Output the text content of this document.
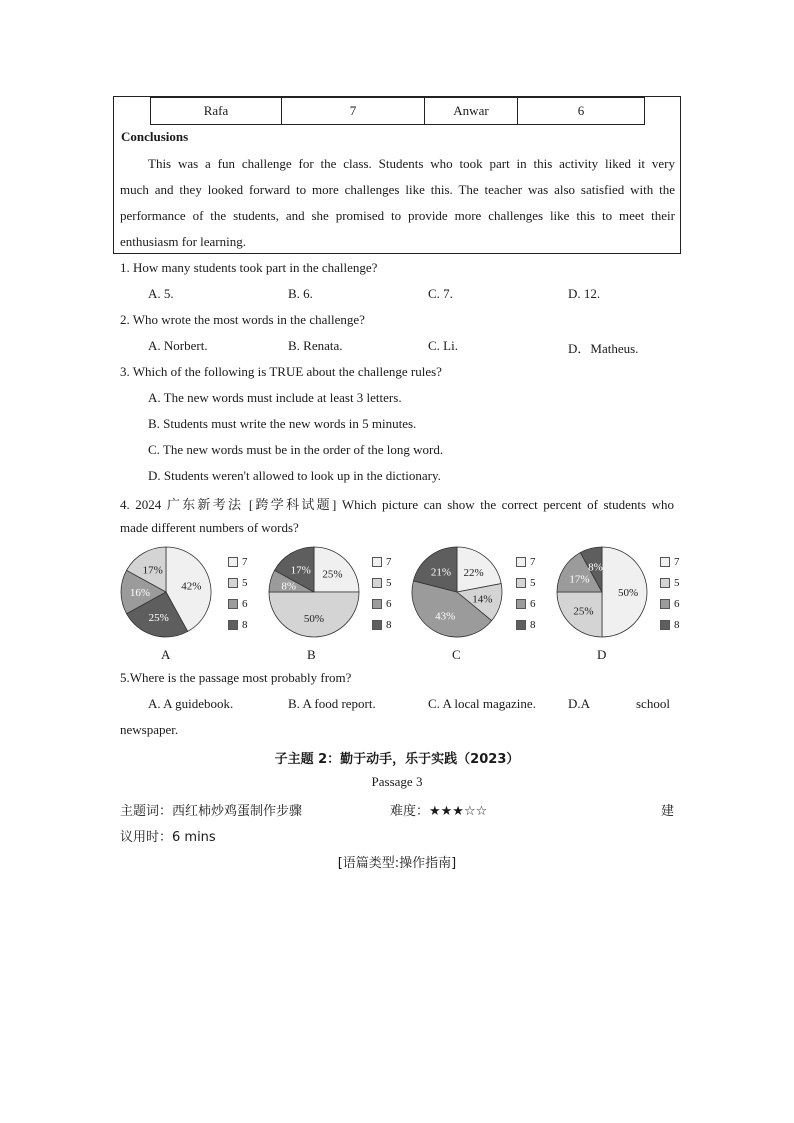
Rafa	7	Anwar	6
Conclusions
This was a fun challenge for the class. Students who took part in this activity liked it very
much and they looked forward to more challenges like this. The teacher was also satisfied with the
performance of the students, and she promised to provide more challenges like this to meet their
enthusiasm for learning.
1. How many students took part in the challenge?
A. 5.	B. 6.	C. 7.	D. 12.
2. Who wrote the most words in the challenge?
A. Norbert.	B. Renata.	C. Li.	D．Matheus.
3. Which of the following is TRUE about the challenge rules?
A. The new words must include at least 3 letters.
B. Students must write the new words in 5 minutes.
C. The new words must be in the order of the long word.
D. Students weren't allowed to look up in the dictionary.
4. 2024 广东新考法 [跨学科试题] Which picture can show the correct percent of students who
made different numbers of words?
42%
25%
16%
17%	25%
50%
8%
17%	22%
14%
43%
21%
50%
25%
17%
8%
7
5
6
8
7
5
6
8
7
5
6
8
7
5
6
8
A	B	C	D
5.Where is the passage most probably from?
A. A guidebook.	B. A food report.	C. A local magazine. D.A	school
newspaper.
子主题 2：勤于动手，乐于实践（2023）
Passage 3
主题词：西红柿炒鸡蛋制作步骤	难度：★★★☆☆	建
议用时：6 mins
[语篇类型:操作指南]
